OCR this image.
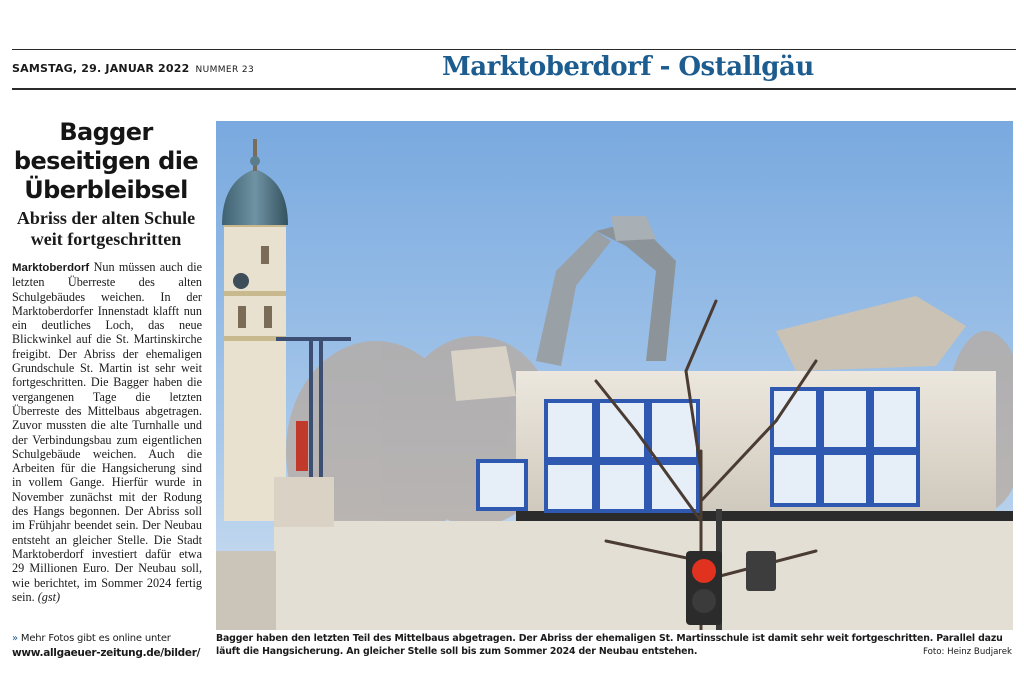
SAMSTAG, 29. JANUAR 2022 NUMMER 23	Marktoberdorf - Ostallgäu
Bagger beseitigen die Überbleibsel
Abriss der alten Schule weit fortgeschritten
Marktoberdorf Nun müssen auch die letzten Überreste des alten Schulgebäudes weichen. In der Marktoberdorfer Innenstadt klafft nun ein deutliches Loch, das neue Blickwinkel auf die St. Martinskirche freigibt. Der Abriss der ehemaligen Grundschule St. Martin ist sehr weit fortgeschritten. Die Bagger haben die vergangenen Tage die letzten Überreste des Mittelbaus abgetragen. Zuvor mussten die alte Turnhalle und der Verbindungsbau zum eigentlichen Schulgebäude weichen. Auch die Arbeiten für die Hangsicherung sind in vollem Gange. Hierfür wurde in November zunächst mit der Rodung des Hangs begonnen. Der Abriss soll im Frühjahr beendet sein. Der Neubau entsteht an gleicher Stelle. Die Stadt Marktoberdorf investiert dafür etwa 29 Millionen Euro. Der Neubau soll, wie berichtet, im Sommer 2024 fertig sein. (gst)
» Mehr Fotos gibt es online unter
www.allgaeuer-zeitung.de/bilder/
Bagger haben den letzten Teil des Mittelbaus abgetragen. Der Abriss der ehemaligen St. Martinsschule ist damit sehr weit fortgeschritten. Parallel dazu läuft die Hangsicherung. An gleicher Stelle soll bis zum Sommer 2024 der Neubau entstehen.	Foto: Heinz Budjarek
